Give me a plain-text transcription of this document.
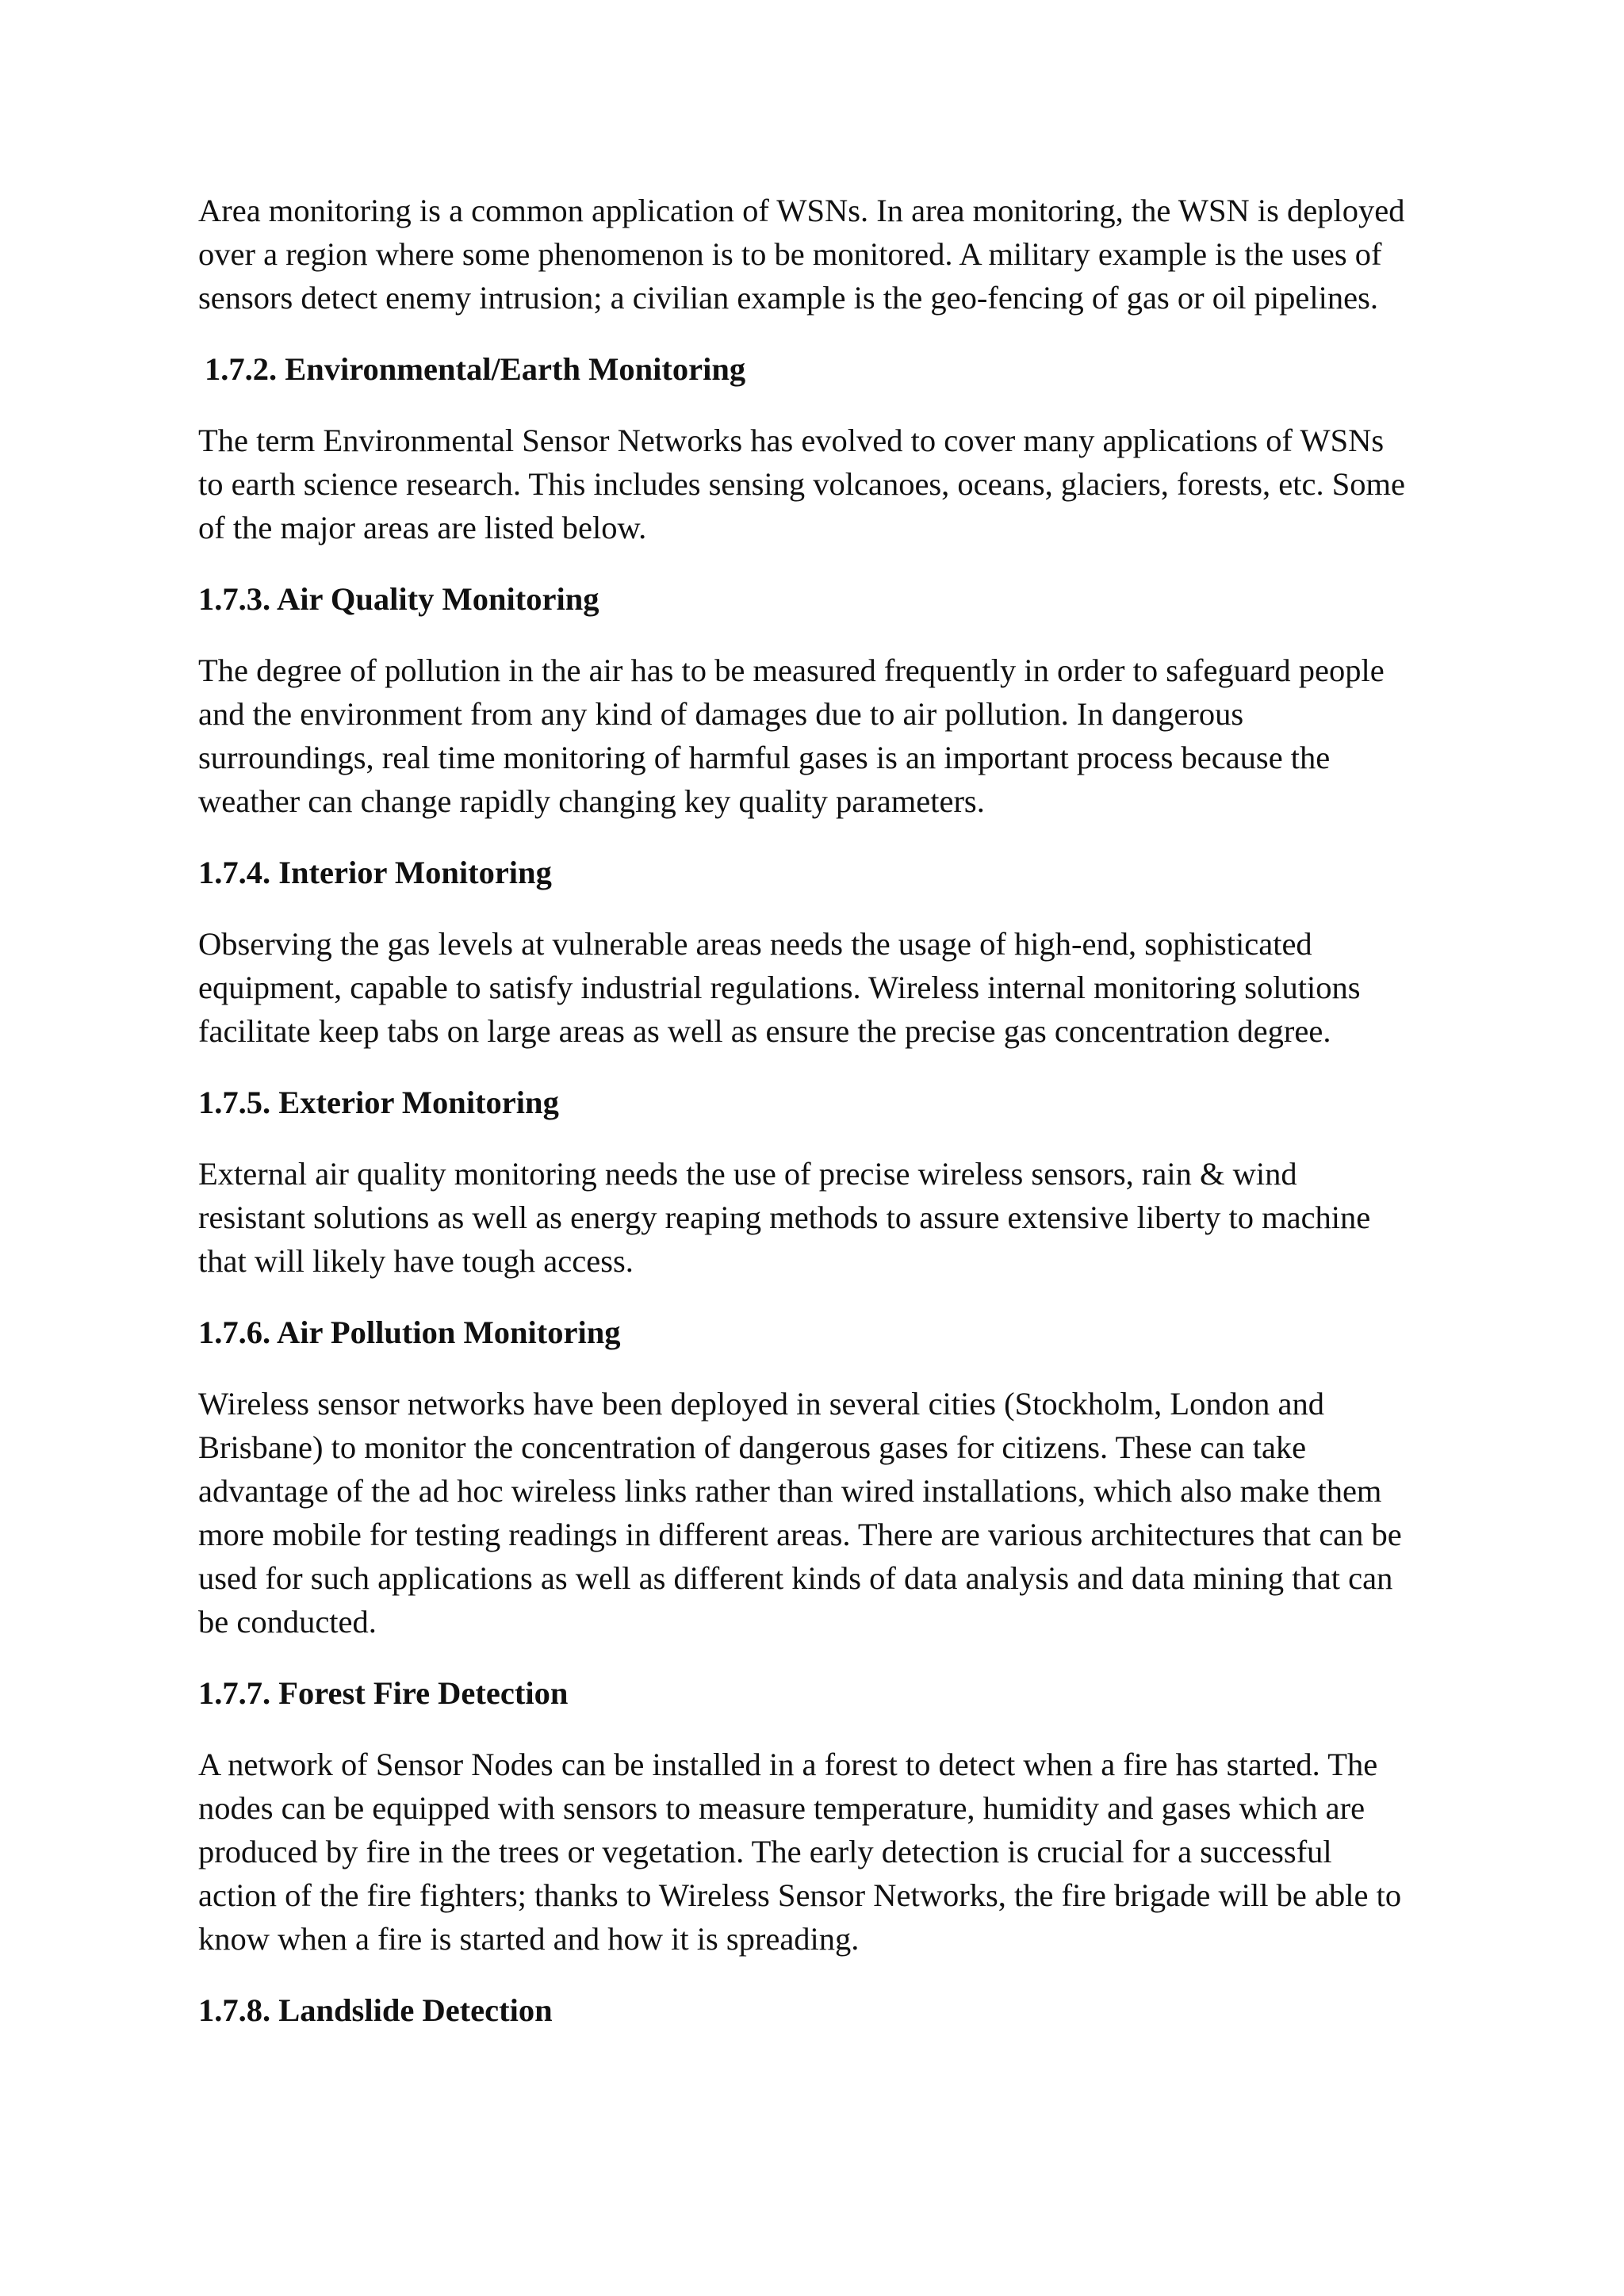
Area monitoring is a common application of WSNs. In area monitoring, the WSN is deployed
over a region where some phenomenon is to be monitored. A military example is the uses of
sensors detect enemy intrusion; a civilian example is the geo-fencing of gas or oil pipelines.

1.7.2. Environmental/Earth Monitoring

The term Environmental Sensor Networks has evolved to cover many applications of WSNs
to earth science research. This includes sensing volcanoes, oceans, glaciers, forests, etc. Some
of the major areas are listed below.

1.7.3. Air Quality Monitoring

The degree of pollution in the air has to be measured frequently in order to safeguard people
and the environment from any kind of damages due to air pollution. In dangerous
surroundings, real time monitoring of harmful gases is an important process because the
weather can change rapidly changing key quality parameters.

1.7.4. Interior Monitoring

Observing the gas levels at vulnerable areas needs the usage of high-end, sophisticated
equipment, capable to satisfy industrial regulations. Wireless internal monitoring solutions
facilitate keep tabs on large areas as well as ensure the precise gas concentration degree.

1.7.5. Exterior Monitoring

External air quality monitoring needs the use of precise wireless sensors, rain & wind
resistant solutions as well as energy reaping methods to assure extensive liberty to machine
that will likely have tough access.

1.7.6. Air Pollution Monitoring

Wireless sensor networks have been deployed in several cities (Stockholm, London and
Brisbane) to monitor the concentration of dangerous gases for citizens. These can take
advantage of the ad hoc wireless links rather than wired installations, which also make them
more mobile for testing readings in different areas. There are various architectures that can be
used for such applications as well as different kinds of data analysis and data mining that can
be conducted.

1.7.7. Forest Fire Detection

A network of Sensor Nodes can be installed in a forest to detect when a fire has started. The
nodes can be equipped with sensors to measure temperature, humidity and gases which are
produced by fire in the trees or vegetation. The early detection is crucial for a successful
action of the fire fighters; thanks to Wireless Sensor Networks, the fire brigade will be able to
know when a fire is started and how it is spreading.

1.7.8. Landslide Detection
